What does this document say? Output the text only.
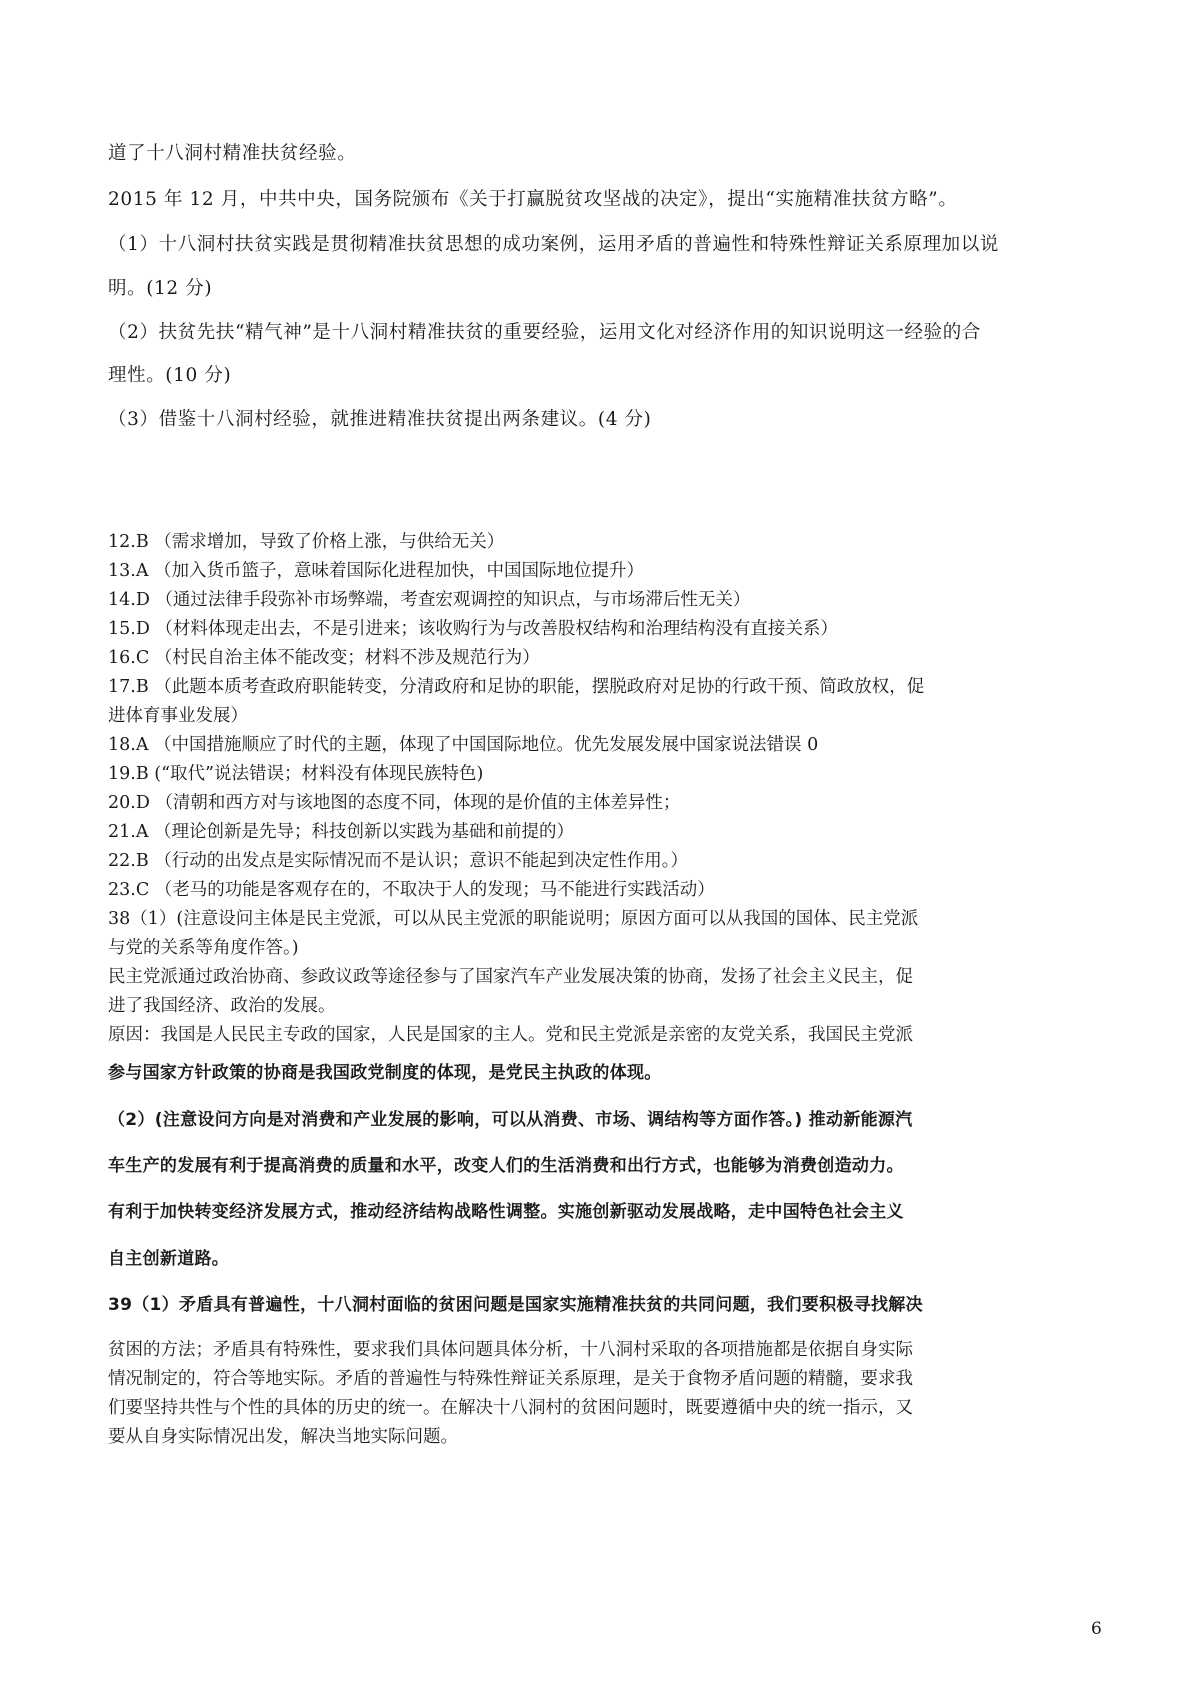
道了十八洞村精准扶贫经验。
2015 年 12 月，中共中央，国务院颁布《关于打赢脱贫攻坚战的决定》，提出“实施精准扶贫方略”。
（1）十八洞村扶贫实践是贯彻精准扶贫思想的成功案例，运用矛盾的普遍性和特殊性辩证关系原理加以说
明。(12 分)
（2）扶贫先扶“精气神”是十八洞村精准扶贫的重要经验，运用文化对经济作用的知识说明这一经验的合
理性。(10 分)
（3）借鉴十八洞村经验，就推进精准扶贫提出两条建议。(4 分)
12.B （需求增加，导致了价格上涨，与供给无关）
13.A （加入货币篮子，意味着国际化进程加快，中国国际地位提升）
14.D （通过法律手段弥补市场弊端，考查宏观调控的知识点，与市场滞后性无关）
15.D （材料体现走出去，不是引进来；该收购行为与改善股权结构和治理结构没有直接关系）
16.C （村民自治主体不能改变；材料不涉及规范行为）
17.B （此题本质考查政府职能转变，分清政府和足协的职能，摆脱政府对足协的行政干预、简政放权，促
进体育事业发展）
18.A （中国措施顺应了时代的主题，体现了中国国际地位。优先发展发展中国家说法错误 0
19.B (“取代”说法错误；材料没有体现民族特色)
20.D （清朝和西方对与该地图的态度不同，体现的是价值的主体差异性；
21.A （理论创新是先导；科技创新以实践为基础和前提的）
22.B （行动的出发点是实际情况而不是认识；意识不能起到决定性作用。）
23.C （老马的功能是客观存在的，不取决于人的发现；马不能进行实践活动）
38（1）(注意设问主体是民主党派，可以从民主党派的职能说明；原因方面可以从我国的国体、民主党派
与党的关系等角度作答。)
民主党派通过政治协商、参政议政等途径参与了国家汽车产业发展决策的协商，发扬了社会主义民主，促
进了我国经济、政治的发展。
原因：我国是人民民主专政的国家，人民是国家的主人。党和民主党派是亲密的友党关系，我国民主党派
参与国家方针政策的协商是我国政党制度的体现，是党民主执政的体现。
（2）(注意设问方向是对消费和产业发展的影响，可以从消费、市场、调结构等方面作答。) 推动新能源汽
车生产的发展有利于提高消费的质量和水平，改变人们的生活消费和出行方式，也能够为消费创造动力。
有利于加快转变经济发展方式，推动经济结构战略性调整。实施创新驱动发展战略，走中国特色社会主义
自主创新道路。
39（1）矛盾具有普遍性，十八洞村面临的贫困问题是国家实施精准扶贫的共同问题，我们要积极寻找解决
贫困的方法；矛盾具有特殊性，要求我们具体问题具体分析，十八洞村采取的各项措施都是依据自身实际
情况制定的，符合等地实际。矛盾的普遍性与特殊性辩证关系原理，是关于食物矛盾问题的精髓，要求我
们要坚持共性与个性的具体的历史的统一。在解决十八洞村的贫困问题时，既要遵循中央的统一指示，又
要从自身实际情况出发，解决当地实际问题。
6
